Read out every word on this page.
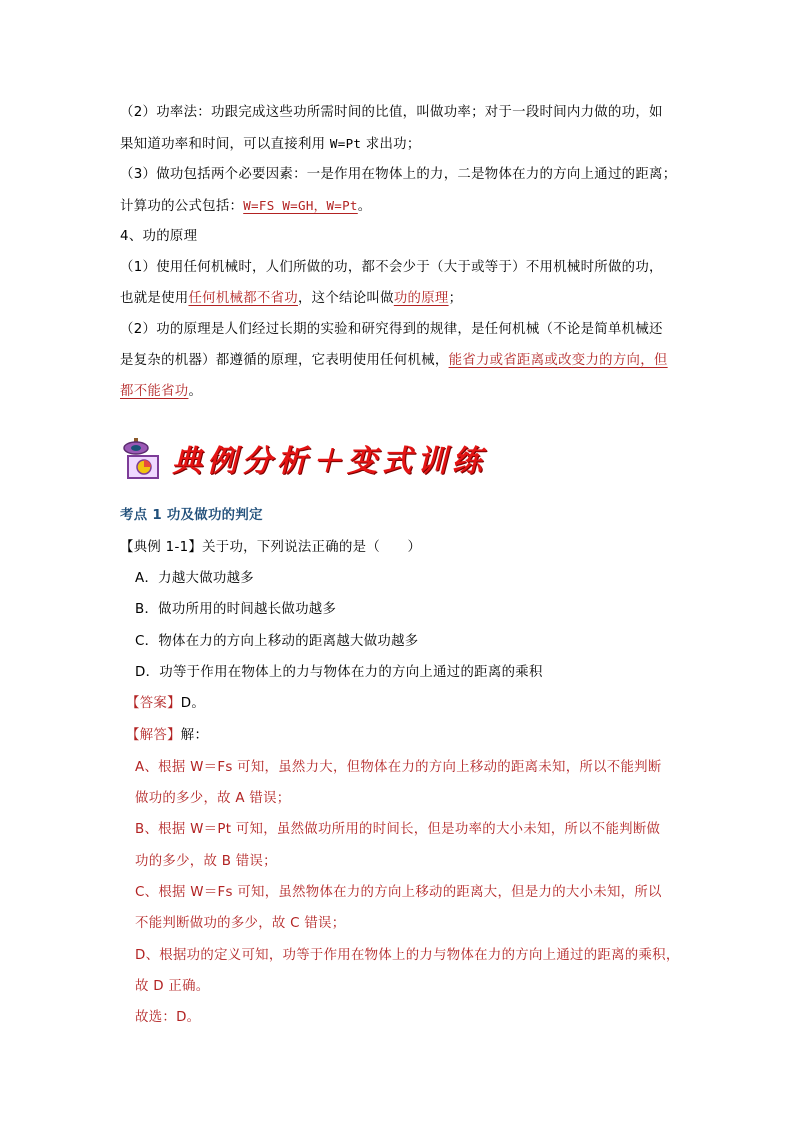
（2）功率法：功跟完成这些功所需时间的比值，叫做功率；对于一段时间内力做的功，如
果知道功率和时间，可以直接利用 W=Pt 求出功；
（3）做功包括两个必要因素：一是作用在物体上的力，二是物体在力的方向上通过的距离；
计算功的公式包括：W=FS W=GH，W=Pt。
4、功的原理
（1）使用任何机械时，人们所做的功，都不会少于（大于或等于）不用机械时所做的功，
也就是使用任何机械都不省功，这个结论叫做功的原理；
（2）功的原理是人们经过长期的实验和研究得到的规律，是任何机械（不论是简单机械还
是复杂的机器）都遵循的原理，它表明使用任何机械，能省力或省距离或改变力的方向，但
都不能省功。
典例分析＋变式训练
考点 1 功及做功的判定
【典例 1-1】关于功，下列说法正确的是（　　）
A．力越大做功越多
B．做功所用的时间越长做功越多
C．物体在力的方向上移动的距离越大做功越多
D．功等于作用在物体上的力与物体在力的方向上通过的距离的乘积
【答案】D。
【解答】解：
A、根据 W＝Fs 可知，虽然力大，但物体在力的方向上移动的距离未知，所以不能判断
做功的多少，故 A 错误；
B、根据 W＝Pt 可知，虽然做功所用的时间长，但是功率的大小未知，所以不能判断做
功的多少，故 B 错误；
C、根据 W＝Fs 可知，虽然物体在力的方向上移动的距离大，但是力的大小未知，所以
不能判断做功的多少，故 C 错误；
D、根据功的定义可知，功等于作用在物体上的力与物体在力的方向上通过的距离的乘积，
故 D 正确。
故选：D。
